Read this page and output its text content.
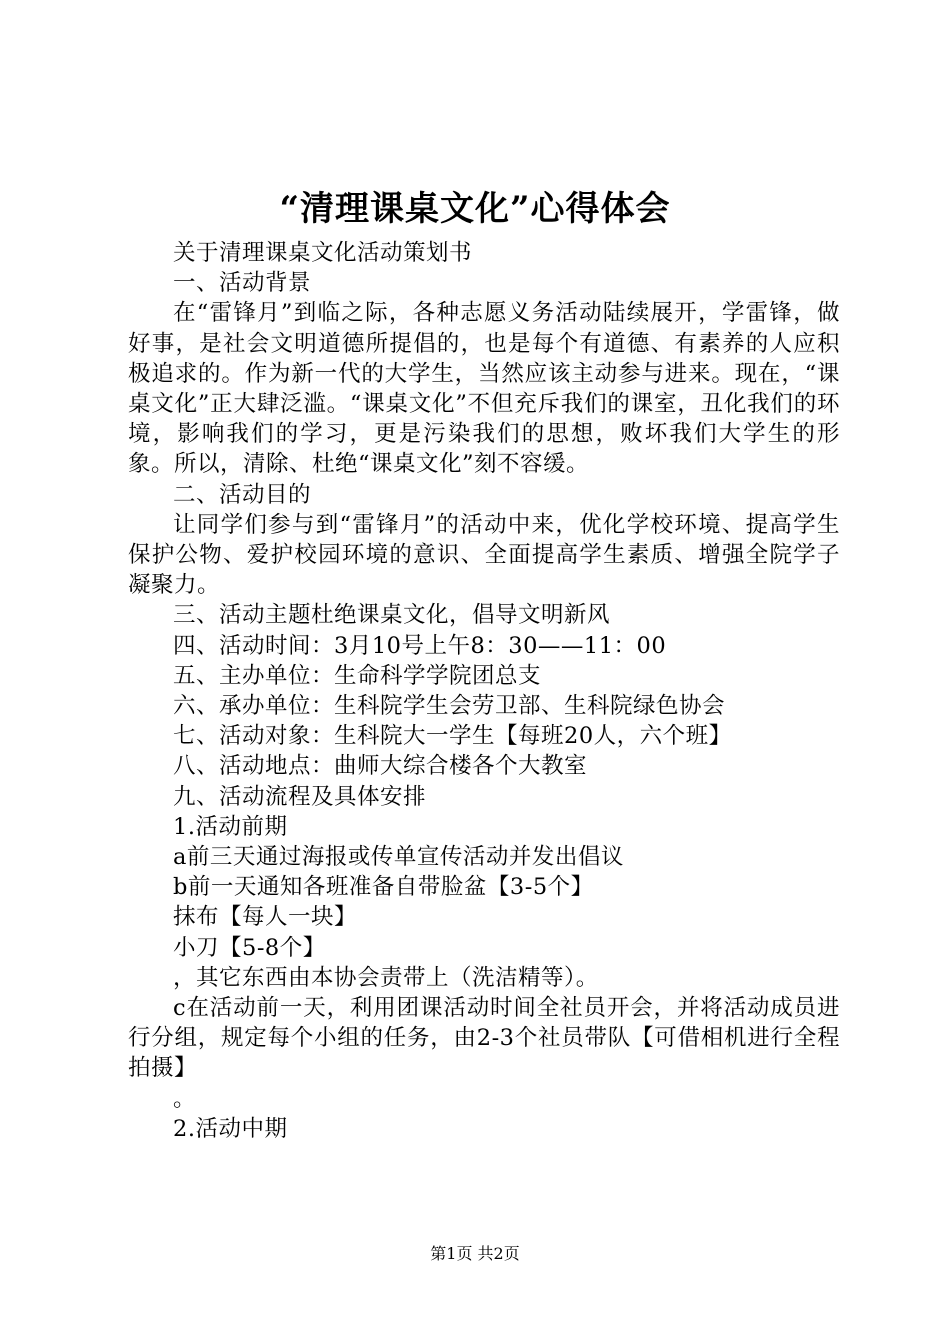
“清理课桌文化”心得体会

关于清理课桌文化活动策划书

一、活动背景

在“雷锋月”到临之际，各种志愿义务活动陆续展开，学雷锋，做好事，是社会文明道德所提倡的，也是每个有道德、有素养的人应积极追求的。作为新一代的大学生，当然应该主动参与进来。现在，“课桌文化”正大肆泛滥。“课桌文化”不但充斥我们的课室，丑化我们的环境，影响我们的学习，更是污染我们的思想，败坏我们大学生的形象。所以，清除、杜绝“课桌文化”刻不容缓。

二、活动目的

让同学们参与到“雷锋月”的活动中来，优化学校环境、提高学生保护公物、爱护校园环境的意识、全面提高学生素质、增强全院学子凝聚力。

三、活动主题杜绝课桌文化，倡导文明新风

四、活动时间：3月10号上午8：30——11：00

五、主办单位：生命科学学院团总支

六、承办单位：生科院学生会劳卫部、生科院绿色协会

七、活动对象：生科院大一学生【每班20人，六个班】

八、活动地点：曲师大综合楼各个大教室

九、活动流程及具体安排

1.活动前期

a前三天通过海报或传单宣传活动并发出倡议

b前一天通知各班准备自带脸盆【3-5个】

抹布【每人一块】

小刀【5-8个】

，其它东西由本协会责带上（洗洁精等）。

c在活动前一天，利用团课活动时间全社员开会，并将活动成员进行分组，规定每个小组的任务，由2-3个社员带队【可借相机进行全程拍摄】

。

2.活动中期

第1页 共2页
